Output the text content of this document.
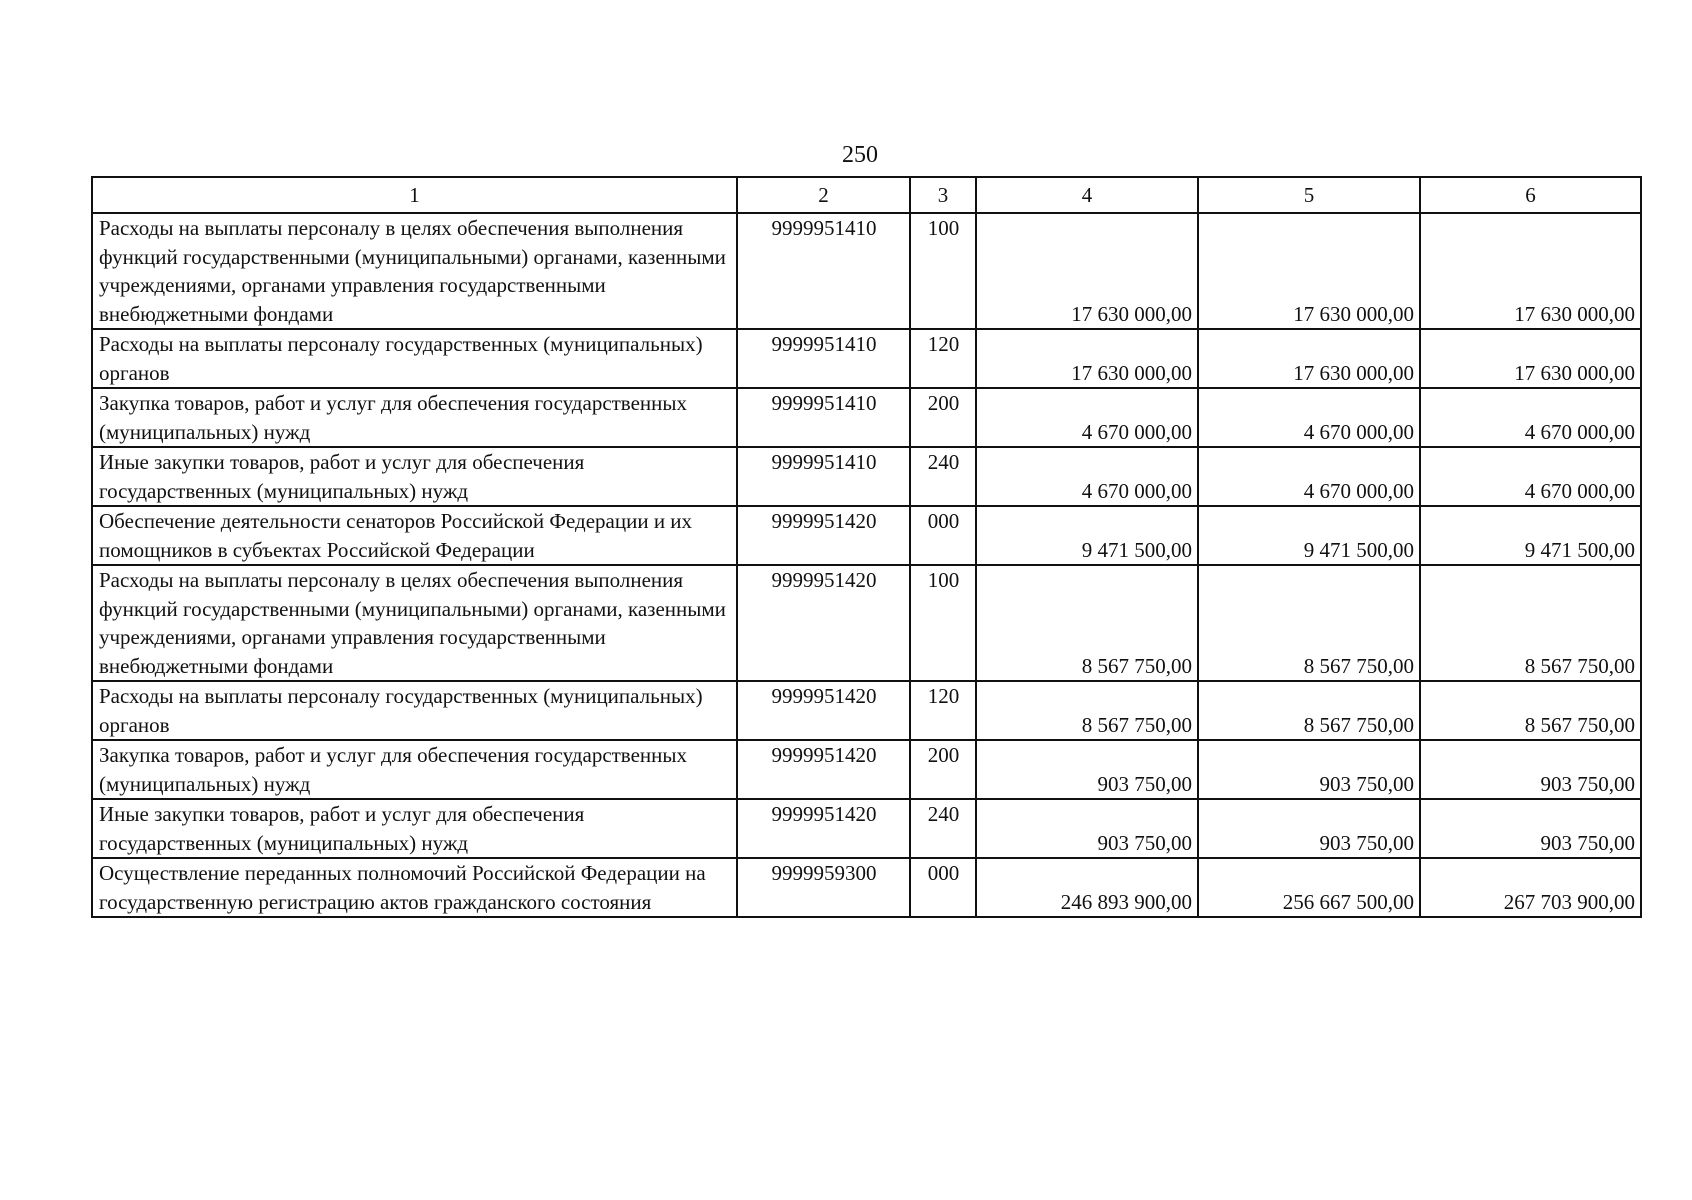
250
1	2	3	4	5	6
Расходы на выплаты персоналу в целях обеспечения выполнения функций государственными (муниципальными) органами, казенными учреждениями, органами управления государственными внебюджетными фондами	9999951410	100	17 630 000,00	17 630 000,00	17 630 000,00
Расходы на выплаты персоналу государственных (муниципальных) органов	9999951410	120	17 630 000,00	17 630 000,00	17 630 000,00
Закупка товаров, работ и услуг для обеспечения государственных (муниципальных) нужд	9999951410	200	4 670 000,00	4 670 000,00	4 670 000,00
Иные закупки товаров, работ и услуг для обеспечения государственных (муниципальных) нужд	9999951410	240	4 670 000,00	4 670 000,00	4 670 000,00
Обеспечение деятельности сенаторов Российской Федерации и их помощников в субъектах Российской Федерации	9999951420	000	9 471 500,00	9 471 500,00	9 471 500,00
Расходы на выплаты персоналу в целях обеспечения выполнения функций государственными (муниципальными) органами, казенными учреждениями, органами управления государственными внебюджетными фондами	9999951420	100	8 567 750,00	8 567 750,00	8 567 750,00
Расходы на выплаты персоналу государственных (муниципальных) органов	9999951420	120	8 567 750,00	8 567 750,00	8 567 750,00
Закупка товаров, работ и услуг для обеспечения государственных (муниципальных) нужд	9999951420	200	903 750,00	903 750,00	903 750,00
Иные закупки товаров, работ и услуг для обеспечения государственных (муниципальных) нужд	9999951420	240	903 750,00	903 750,00	903 750,00
Осуществление переданных полномочий Российской Федерации на государственную регистрацию актов гражданского состояния	9999959300	000	246 893 900,00	256 667 500,00	267 703 900,00
